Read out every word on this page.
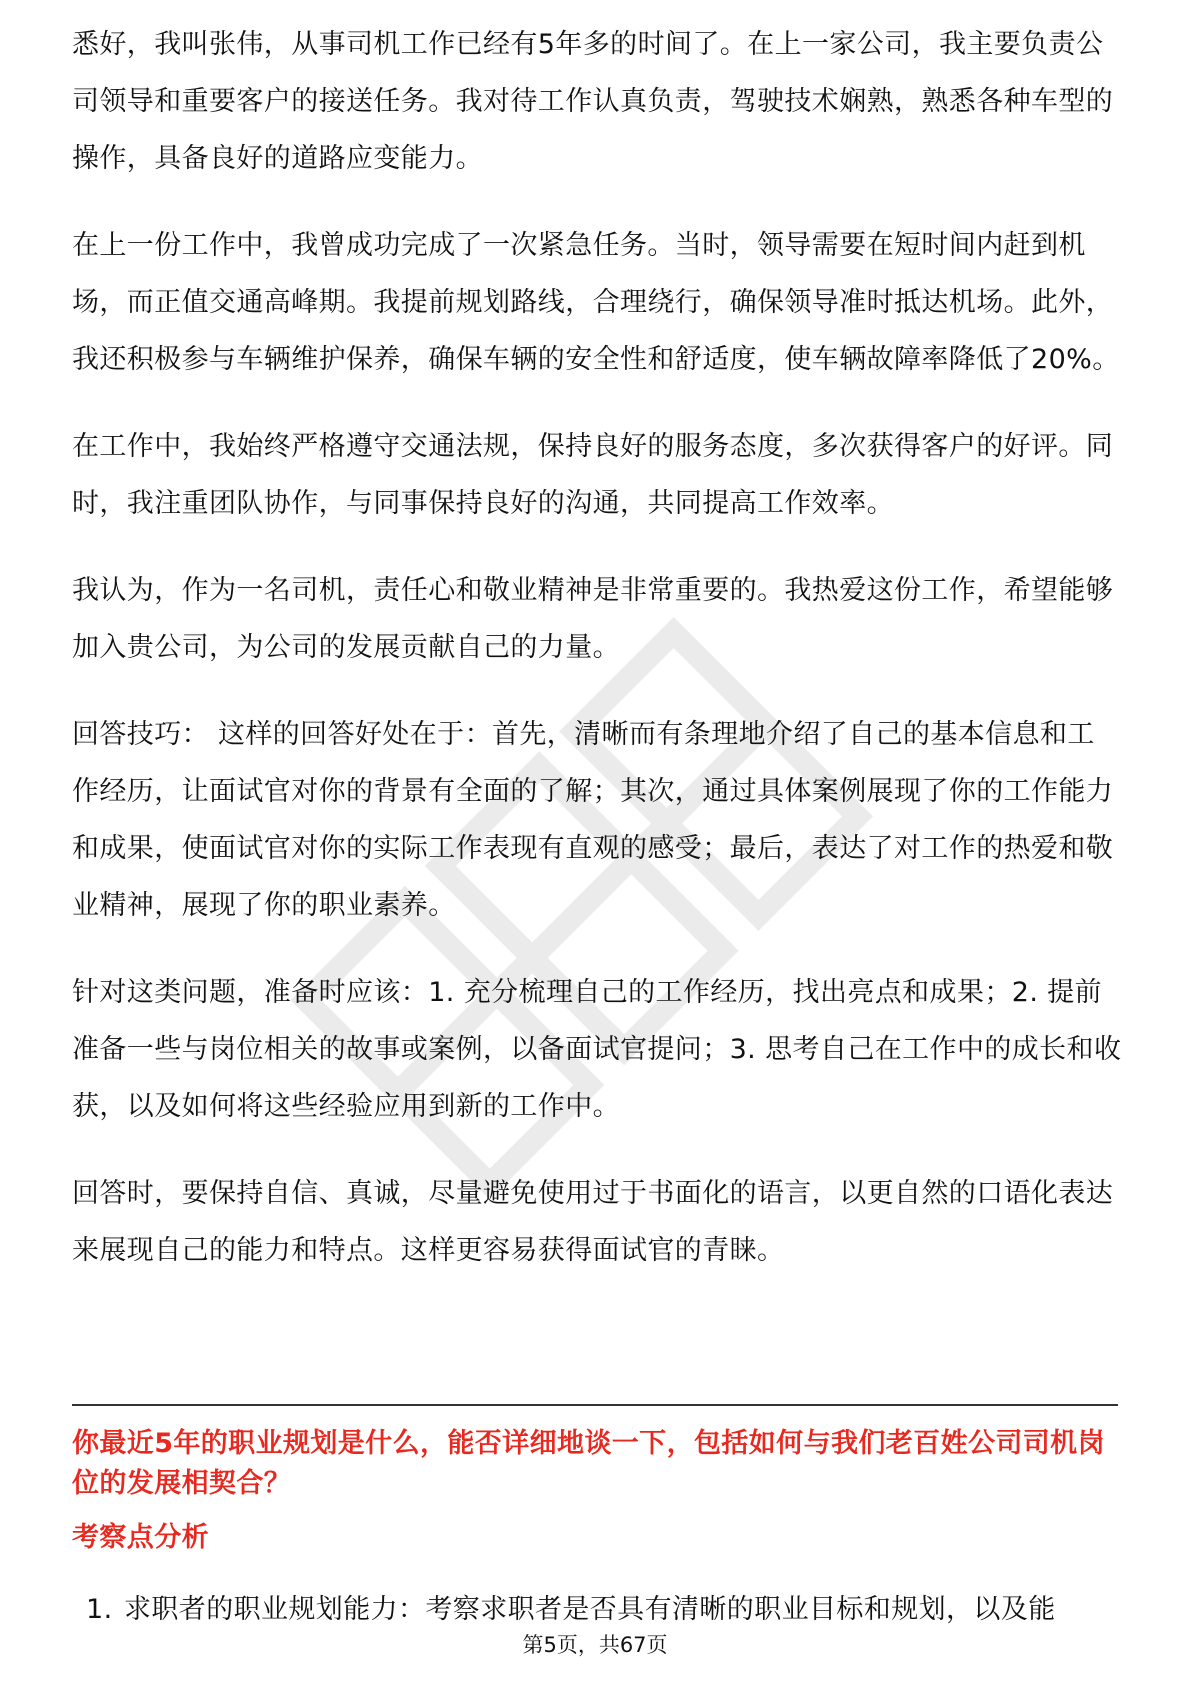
悉好，我叫张伟，从事司机工作已经有5年多的时间了。在上一家公司，我主要负责公司领导和重要客户的接送任务。我对待工作认真负责，驾驶技术娴熟，熟悉各种车型的操作，具备良好的道路应变能力。

在上一份工作中，我曾成功完成了一次紧急任务。当时，领导需要在短时间内赶到机场，而正值交通高峰期。我提前规划路线，合理绕行，确保领导准时抵达机场。此外，我还积极参与车辆维护保养，确保车辆的安全性和舒适度，使车辆故障率降低了20%。

在工作中，我始终严格遵守交通法规，保持良好的服务态度，多次获得客户的好评。同时，我注重团队协作，与同事保持良好的沟通，共同提高工作效率。

我认为，作为一名司机，责任心和敬业精神是非常重要的。我热爱这份工作，希望能够加入贵公司，为公司的发展贡献自己的力量。

回答技巧： 这样的回答好处在于：首先，清晰而有条理地介绍了自己的基本信息和工作经历，让面试官对你的背景有全面的了解；其次，通过具体案例展现了你的工作能力和成果，使面试官对你的实际工作表现有直观的感受；最后，表达了对工作的热爱和敬业精神，展现了你的职业素养。

针对这类问题，准备时应该：1. 充分梳理自己的工作经历，找出亮点和成果；2. 提前准备一些与岗位相关的故事或案例，以备面试官提问；3. 思考自己在工作中的成长和收获，以及如何将这些经验应用到新的工作中。

回答时，要保持自信、真诚，尽量避免使用过于书面化的语言，以更自然的口语化表达来展现自己的能力和特点。这样更容易获得面试官的青睐。

你最近5年的职业规划是什么，能否详细地谈一下，包括如何与我们老百姓公司司机岗位的发展相契合？
考察点分析
1. 求职者的职业规划能力：考察求职者是否具有清晰的职业目标和规划，以及能
第5页，共67页
